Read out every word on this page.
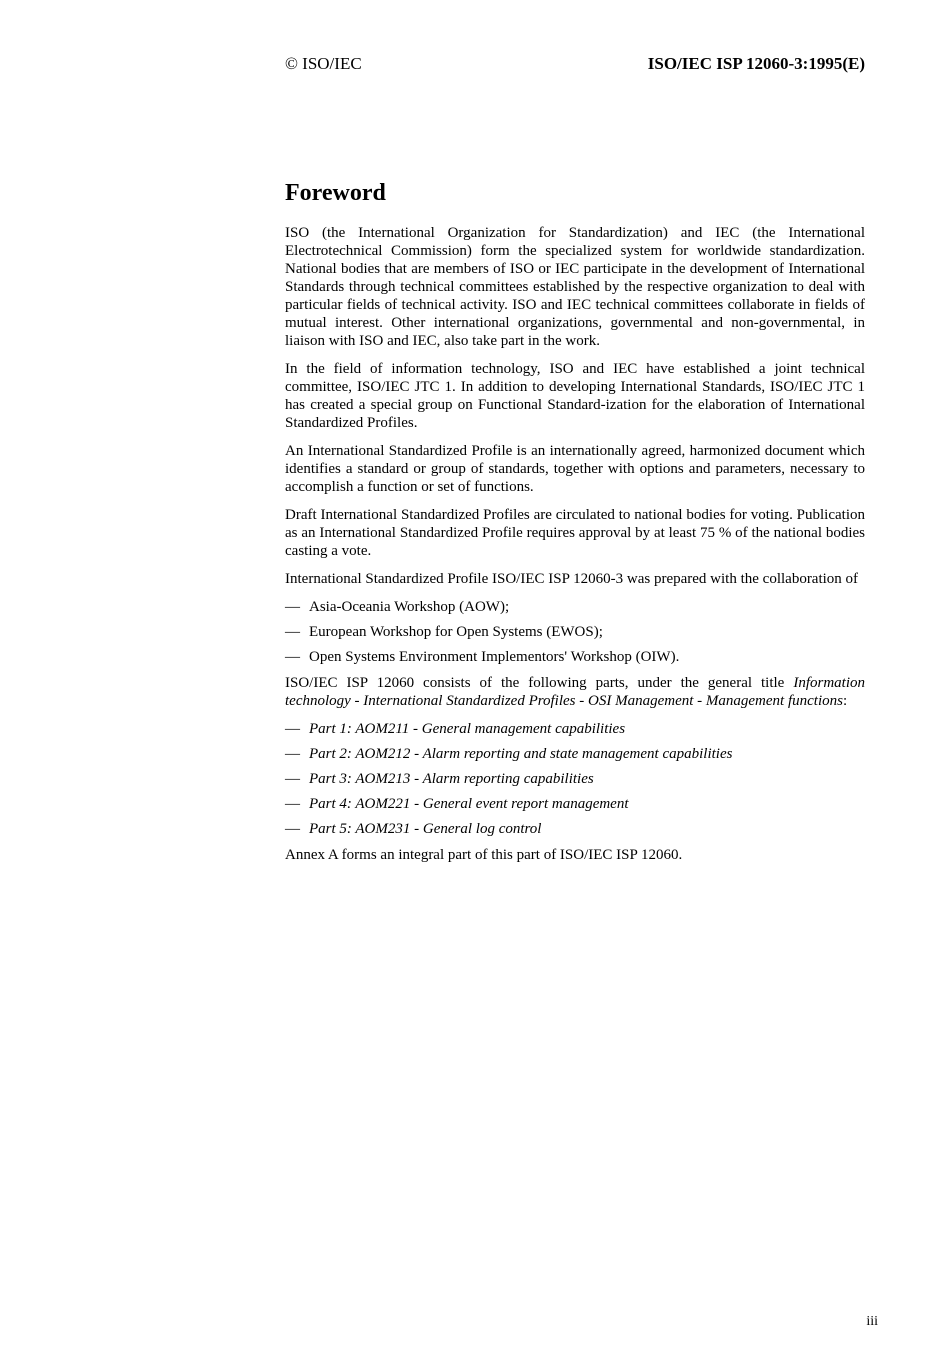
© ISO/IEC	ISO/IEC ISP 12060-3:1995(E)
Foreword

ISO (the International Organization for Standardization) and IEC (the International Electrotechnical Commission) form the specialized system for worldwide standardization. National bodies that are members of ISO or IEC participate in the development of International Standards through technical committees established by the respective organization to deal with particular fields of technical activity. ISO and IEC technical committees collaborate in fields of mutual interest. Other international organizations, governmental and non-governmental, in liaison with ISO and IEC, also take part in the work.

In the field of information technology, ISO and IEC have established a joint technical committee, ISO/IEC JTC 1. In addition to developing International Standards, ISO/IEC JTC 1 has created a special group on Functional Standard-ization for the elaboration of International Standardized Profiles.

An International Standardized Profile is an internationally agreed, harmonized document which identifies a standard or group of standards, together with options and parameters, necessary to accomplish a function or set of functions.

Draft International Standardized Profiles are circulated to national bodies for voting. Publication as an International Standardized Profile requires approval by at least 75 % of the national bodies casting a vote.

International Standardized Profile ISO/IEC ISP 12060-3 was prepared with the collaboration of

— Asia-Oceania Workshop (AOW);
— European Workshop for Open Systems (EWOS);
— Open Systems Environment Implementors' Workshop (OIW).

ISO/IEC ISP 12060 consists of the following parts, under the general title Information technology - International Standardized Profiles - OSI Management - Management functions:

— Part 1: AOM211 - General management capabilities
— Part 2: AOM212 - Alarm reporting and state management capabilities
— Part 3: AOM213 - Alarm reporting capabilities
— Part 4: AOM221 - General event report management
— Part 5: AOM231 - General log control

Annex A forms an integral part of this part of ISO/IEC ISP 12060.

iii
